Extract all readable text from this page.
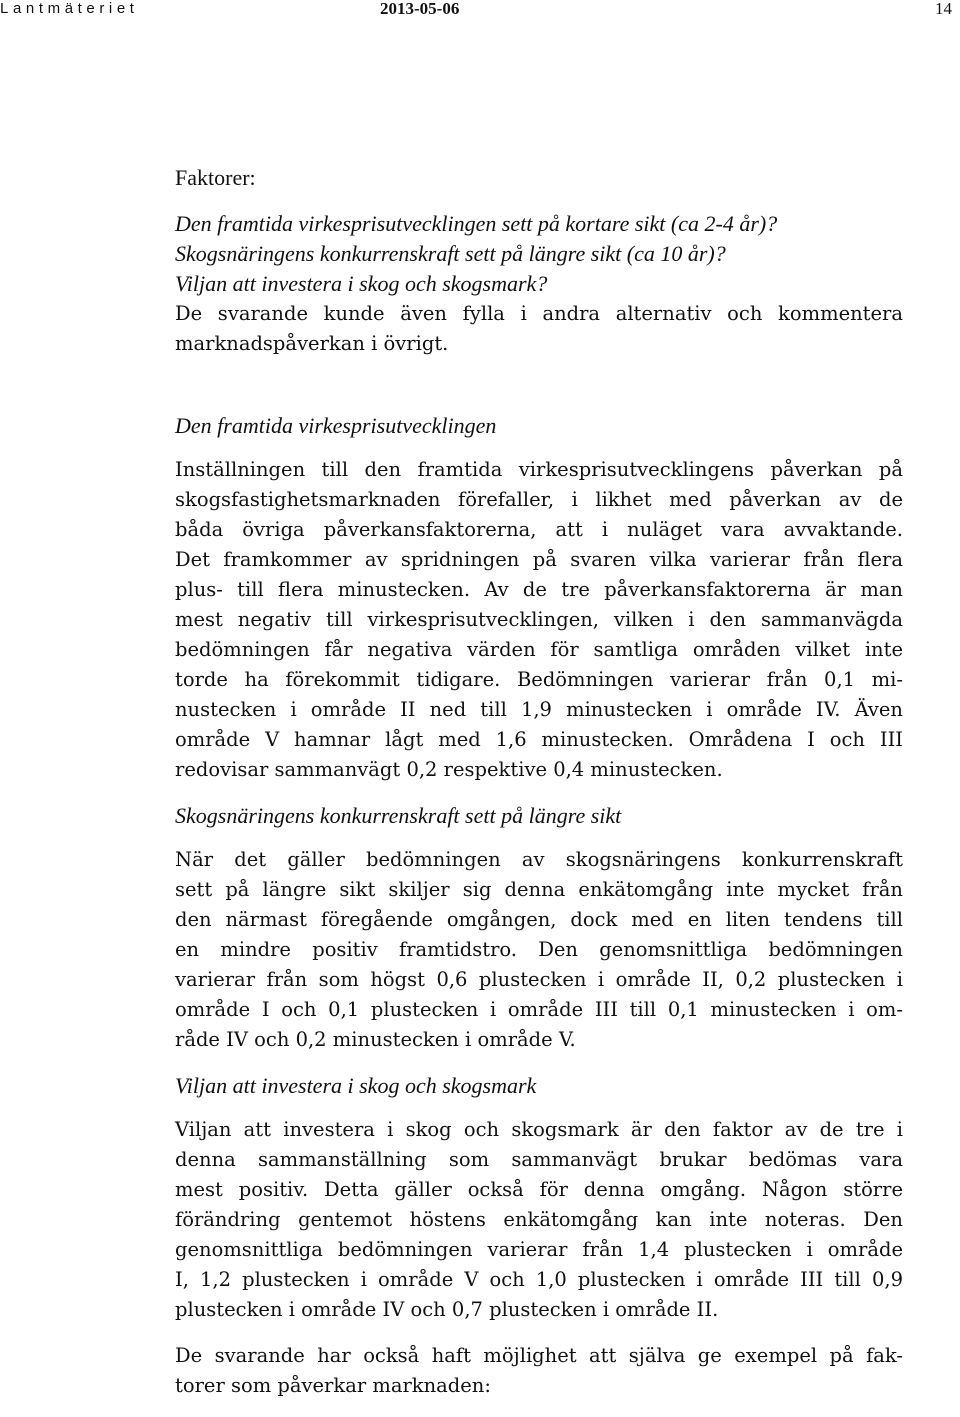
Lantmäteriet	2013-05-06	14
Faktorer:
Den framtida virkesprisutvecklingen sett på kortare sikt (ca 2-4 år)?
Skogsnäringens konkurrenskraft sett på längre sikt (ca 10 år)?
Viljan att investera i skog och skogsmark?
De svarande kunde även fylla i andra alternativ och kommentera
marknadspåverkan i övrigt.
Den framtida virkesprisutvecklingen
Inställningen till den framtida virkesprisutvecklingens påverkan på
skogsfastighetsmarknaden förefaller, i likhet med påverkan av de
båda övriga påverkansfaktorerna, att i nuläget vara avvaktande.
Det framkommer av spridningen på svaren vilka varierar från flera
plus- till flera minustecken. Av de tre påverkansfaktorerna är man
mest negativ till virkesprisutvecklingen, vilken i den sammanvägda
bedömningen får negativa värden för samtliga områden vilket inte
torde ha förekommit tidigare. Bedömningen varierar från 0,1 mi-
nustecken i område II ned till 1,9 minustecken i område IV. Även
område V hamnar lågt med 1,6 minustecken. Områdena I och III
redovisar sammanvägt 0,2 respektive 0,4 minustecken.
Skogsnäringens konkurrenskraft sett på längre sikt
När det gäller bedömningen av skogsnäringens konkurrenskraft
sett på längre sikt skiljer sig denna enkätomgång inte mycket från
den närmast föregående omgången, dock med en liten tendens till
en mindre positiv framtidstro. Den genomsnittliga bedömningen
varierar från som högst 0,6 plustecken i område II, 0,2 plustecken i
område I och 0,1 plustecken i område III till 0,1 minustecken i om-
råde IV och 0,2 minustecken i område V.
Viljan att investera i skog och skogsmark
Viljan att investera i skog och skogsmark är den faktor av de tre i
denna sammanställning som sammanvägt brukar bedömas vara
mest positiv. Detta gäller också för denna omgång. Någon större
förändring gentemot höstens enkätomgång kan inte noteras. Den
genomsnittliga bedömningen varierar från 1,4 plustecken i område
I, 1,2 plustecken i område V och 1,0 plustecken i område III till 0,9
plustecken i område IV och 0,7 plustecken i område II.
De svarande har också haft möjlighet att själva ge exempel på fak-
torer som påverkar marknaden:
